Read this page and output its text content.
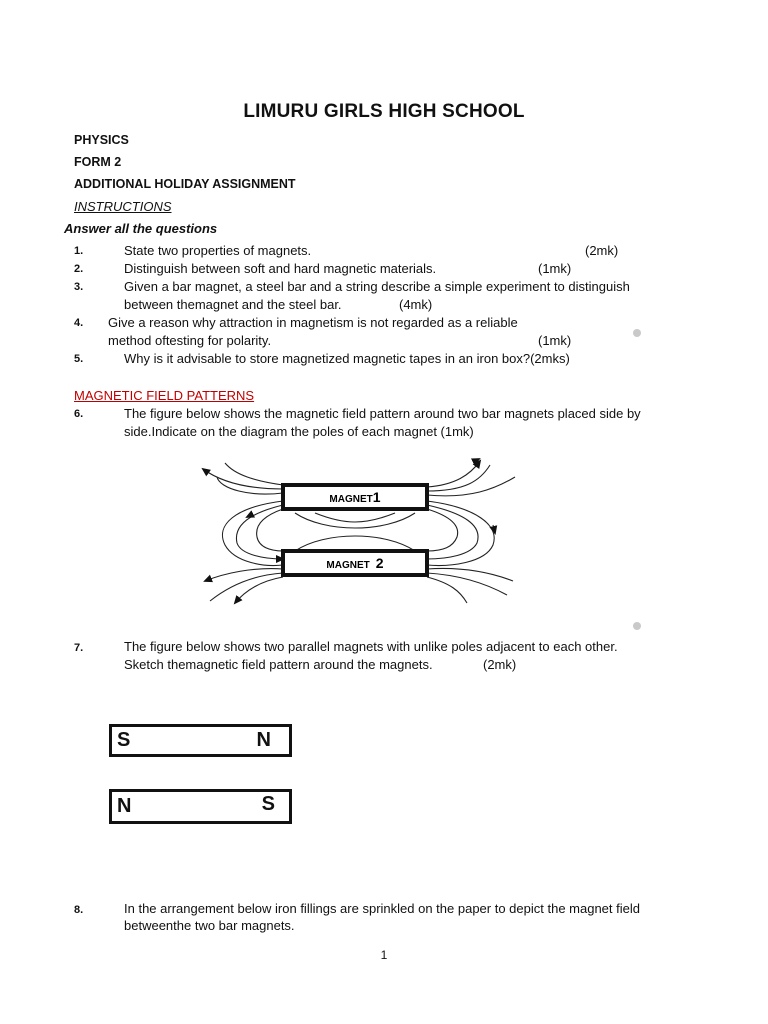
LIMURU GIRLS HIGH SCHOOL
PHYSICS
FORM 2
ADDITIONAL HOLIDAY ASSIGNMENT
INSTRUCTIONS
Answer all the questions
1.	State two properties of magnets.	(2mk)
2.	Distinguish between soft and hard magnetic materials.	(1mk)
3.	Given a bar magnet, a steel bar and a string describe a simple experiment to distinguish
between themagnet and the steel bar.	(4mk)
4. Give a reason why attraction in magnetism is not regarded as a reliable
method oftesting for polarity.	(1mk)
5.	Why is it advisable to store magnetized magnetic tapes in an iron box?(2mks)
MAGNETIC FIELD PATTERNS
6.	The figure below shows the magnetic field pattern around two bar magnets placed side by
side.Indicate on the diagram the poles of each magnet (1mk)
MAGNET1
MAGNET 2
7.	The figure below shows two parallel magnets with unlike poles adjacent to each other.
Sketch themagnetic field pattern around the magnets.	(2mk)
S	N
N	S
8.	In the arrangement below iron fillings are sprinkled on the paper to depict the magnet field
betweenthe two bar magnets.
1
